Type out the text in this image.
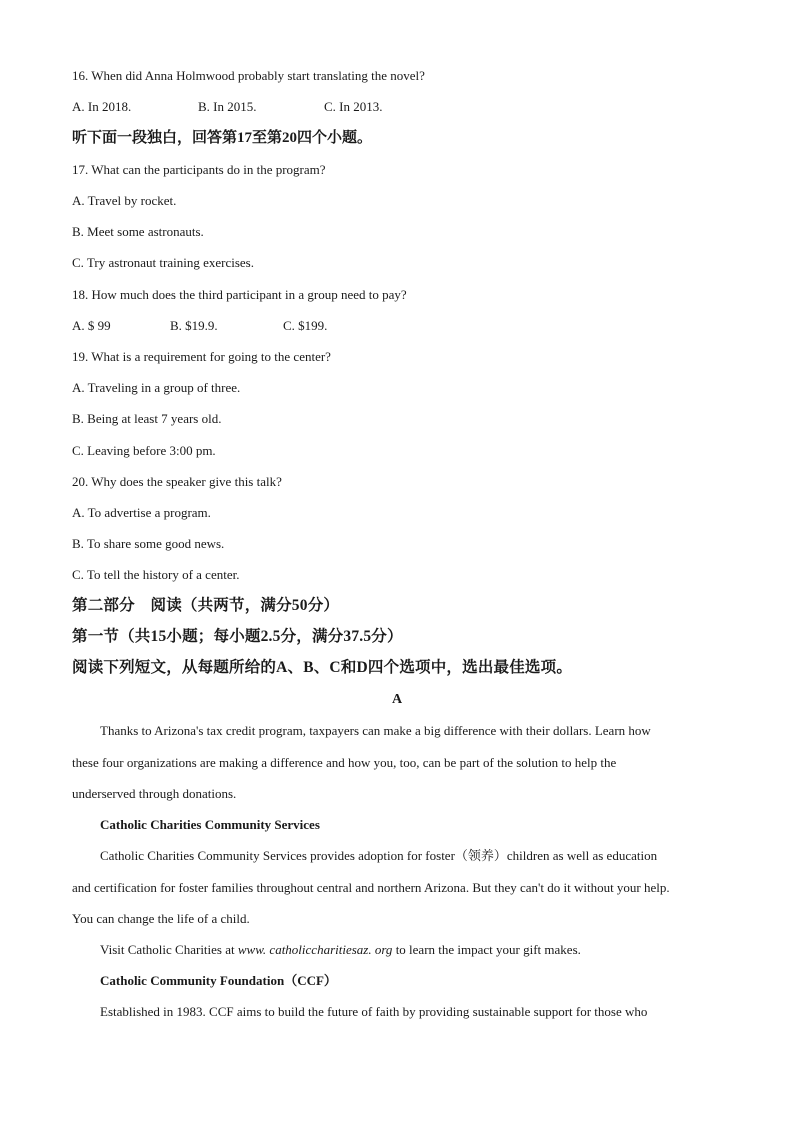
16. When did Anna Holmwood probably start translating the novel?
A. In 2018.	B. In 2015.	C. In 2013.
听下面一段独白，回答第17至第20四个小题。
17. What can the participants do in the program?
A. Travel by rocket.
B. Meet some astronauts.
C. Try astronaut training exercises.
18. How much does the third participant in a group need to pay?
A. $ 99	B. $19.9.	C. $199.
19. What is a requirement for going to the center?
A. Traveling in a group of three.
B. Being at least 7 years old.
C. Leaving before 3:00 pm.
20. Why does the speaker give this talk?
A. To advertise a program.
B. To share some good news.
C. To tell the history of a center.
第二部分　阅读（共两节，满分50分）
第一节（共15小题；每小题2.5分，满分37.5分）
阅读下列短文，从每题所给的A、B、C和D四个选项中，选出最佳选项。
A
Thanks to Arizona's tax credit program, taxpayers can make a big difference with their dollars. Learn how
these four organizations are making a difference and how you, too, can be part of the solution to help the
underserved through donations.
Catholic Charities Community Services
Catholic Charities Community Services provides adoption for foster（领养）children as well as education
and certification for foster families throughout central and northern Arizona. But they can't do it without your help.
You can change the life of a child.
Visit Catholic Charities at www. catholiccharitiesaz. org to learn the impact your gift makes.
Catholic Community Foundation（CCF）
Established in 1983. CCF aims to build the future of faith by providing sustainable support for those who
